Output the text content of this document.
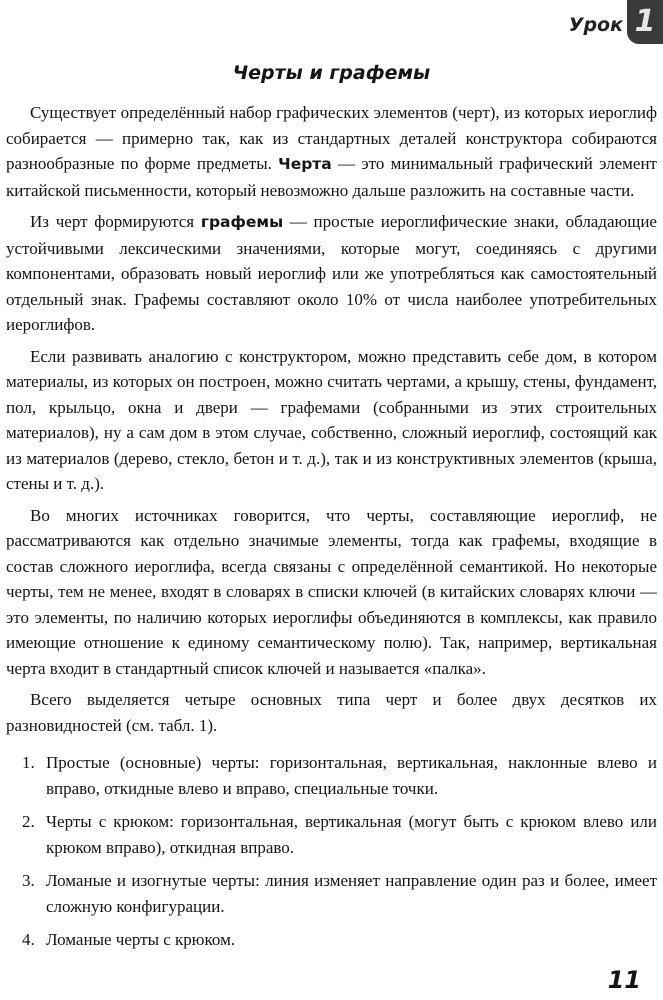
Урок 1
Черты и графемы

Существует определённый набор графических элементов (черт), из которых иероглиф собирается — примерно так, как из стандартных деталей конструктора собираются разнообразные по форме предметы. Черта — это минимальный графический элемент китайской письменности, который невозможно дальше разложить на составные части.

Из черт формируются графемы — простые иероглифические знаки, обладающие устойчивыми лексическими значениями, которые могут, соединяясь с другими компонентами, образовать новый иероглиф или же употребляться как самостоятельный отдельный знак. Графемы составляют около 10% от числа наиболее употребительных иероглифов.

Если развивать аналогию с конструктором, можно представить себе дом, в котором материалы, из которых он построен, можно считать чертами, а крышу, стены, фундамент, пол, крыльцо, окна и двери — графемами (собранными из этих строительных материалов), ну а сам дом в этом случае, собственно, сложный иероглиф, состоящий как из материалов (дерево, стекло, бетон и т. д.), так и из конструктивных элементов (крыша, стены и т. д.).

Во многих источниках говорится, что черты, составляющие иероглиф, не рассматриваются как отдельно значимые элементы, тогда как графемы, входящие в состав сложного иероглифа, всегда связаны с определённой семантикой. Но некоторые черты, тем не менее, входят в словарях в списки ключей (в китайских словарях ключи — это элементы, по наличию которых иероглифы объединяются в комплексы, как правило имеющие отношение к единому семантическому полю). Так, например, вертикальная черта входит в стандартный список ключей и называется «палка».

Всего выделяется четыре основных типа черт и более двух десятков их разновидностей (см. табл. 1).

1. Простые (основные) черты: горизонтальная, вертикальная, наклонные влево и вправо, откидные влево и вправо, специальные точки.
2. Черты с крюком: горизонтальная, вертикальная (могут быть с крюком влево или крюком вправо), откидная вправо.
3. Ломаные и изогнутые черты: линия изменяет направление один раз и более, имеет сложную конфигурации.
4. Ломаные черты с крюком.
11
